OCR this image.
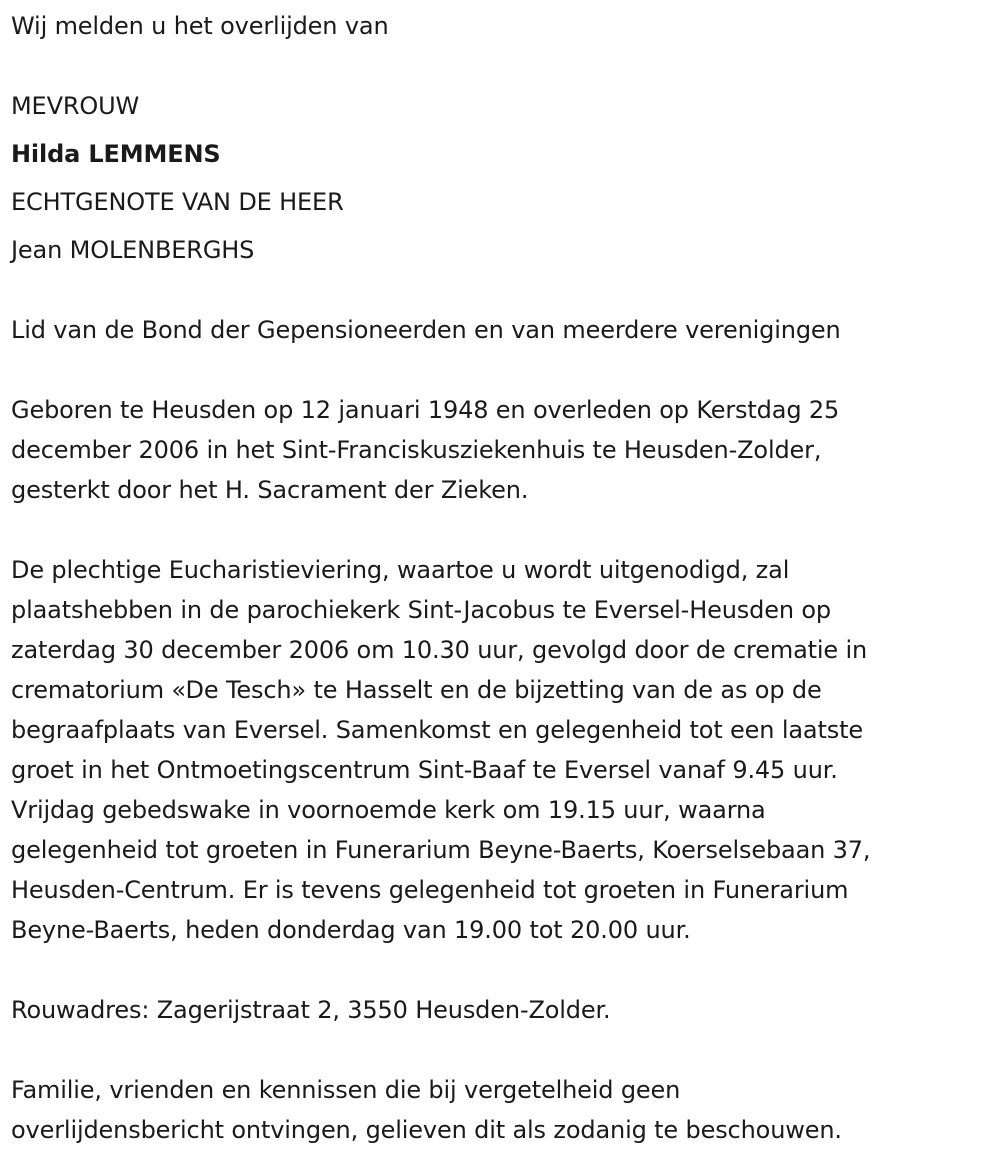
Wij melden u het overlijden van
MEVROUW
Hilda LEMMENS
ECHTGENOTE VAN DE HEER
Jean MOLENBERGHS
Lid van de Bond der Gepensioneerden en van meerdere verenigingen
Geboren te Heusden op 12 januari 1948 en overleden op Kerstdag 25
december 2006 in het Sint-Franciskusziekenhuis te Heusden-Zolder,
gesterkt door het H. Sacrament der Zieken.
De plechtige Eucharistieviering, waartoe u wordt uitgenodigd, zal
plaatshebben in de parochiekerk Sint-Jacobus te Eversel-Heusden op
zaterdag 30 december 2006 om 10.30 uur, gevolgd door de crematie in
crematorium «De Tesch» te Hasselt en de bijzetting van de as op de
begraafplaats van Eversel. Samenkomst en gelegenheid tot een laatste
groet in het Ontmoetingscentrum Sint-Baaf te Eversel vanaf 9.45 uur.
Vrijdag gebedswake in voornoemde kerk om 19.15 uur, waarna
gelegenheid tot groeten in Funerarium Beyne-Baerts, Koerselsebaan 37,
Heusden-Centrum. Er is tevens gelegenheid tot groeten in Funerarium
Beyne-Baerts, heden donderdag van 19.00 tot 20.00 uur.
Rouwadres: Zagerijstraat 2, 3550 Heusden-Zolder.
Familie, vrienden en kennissen die bij vergetelheid geen
overlijdensbericht ontvingen, gelieven dit als zodanig te beschouwen.
